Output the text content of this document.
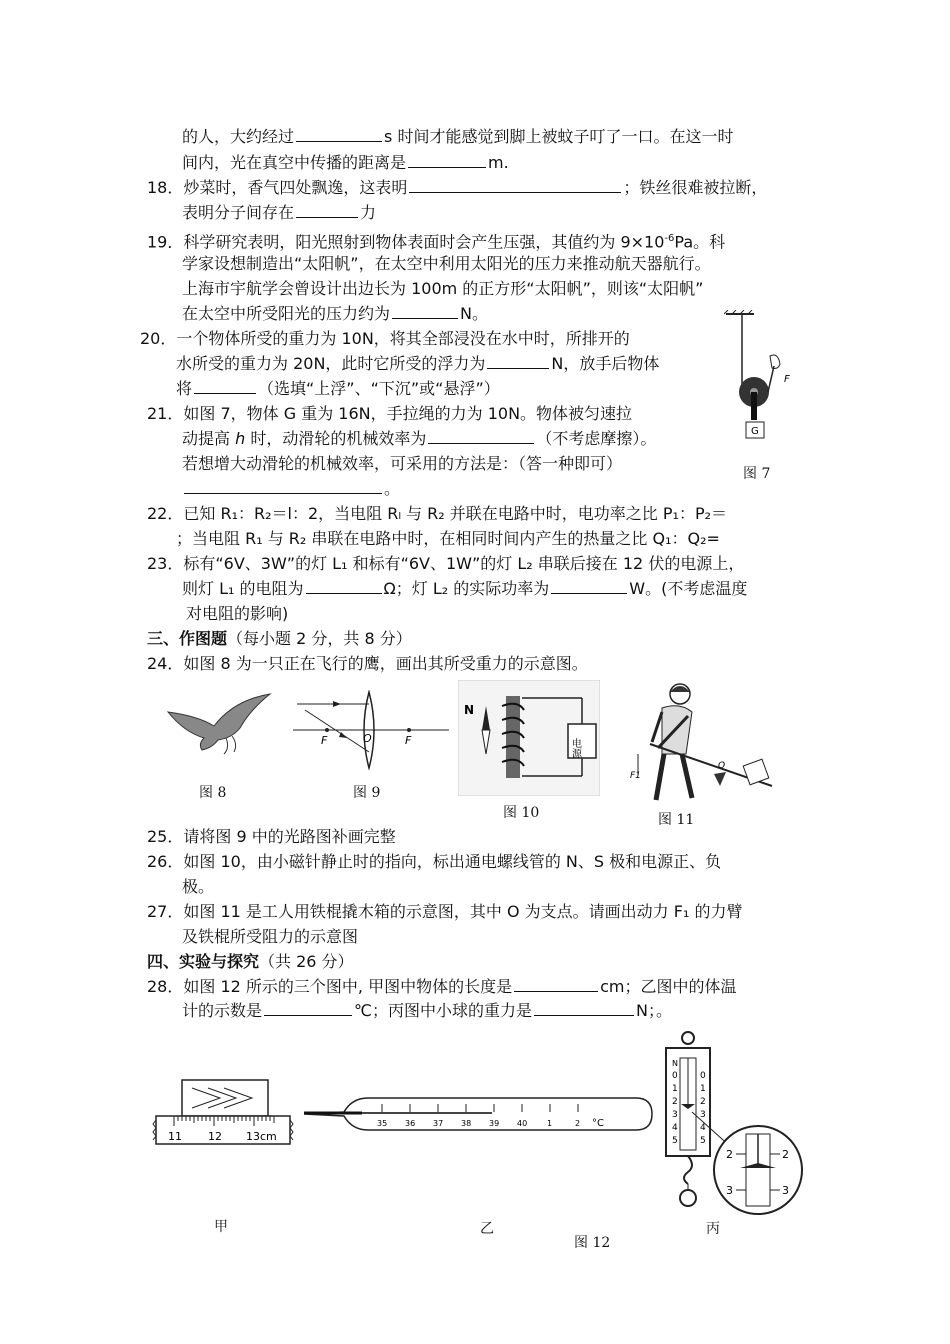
的人，大约经过	s 时间才能感觉到脚上被蚊子叮了一口。在这一时
间内，光在真空中传播的距离是	m.
18．炒菜时，香气四处飘逸，这表明	；铁丝很难被拉断，
表明分子间存在	力
19．科学研究表明，阳光照射到物体表面时会产生压强，其值约为 $9\times 10^{-6}Pa$。科
学家设想制造出“太阳帆”，在太空中利用太阳光的压力来推动航天器航行。
上海市宇航学会曾设计出边长为 100m 的正方形“太阳帆”，则该“太阳帆”
在太空中所受阳光的压力约为	N。
20．一个物体所受的重力为 10N，将其全部浸没在水中时，所排开的
水所受的重力为 20N，此时它所受的浮力为	N，放手后物体
将	（选填“上浮”、“下沉”或“悬浮”）
21．如图 7，物体 G 重为 16N，手拉绳的力为 10N。物体被匀速拉
动提高 h 时，动滑轮的机械效率为	（不考虑摩擦）。
若想增大动滑轮的机械效率，可采用的方法是：（答一种即可）
。
F
G
图 7
22．已知 R₁：R₂＝l：2，当电阻 Rₗ 与 R₂ 并联在电路中时，电功率之比 P₁：P₂＝
；当电阻 R₁ 与 R₂ 串联在电路中时，在相同时间内产生的热量之比 Q₁：Q₂=
23．标有“6V、3W”的灯 L₁ 和标有“6V、1W”的灯 L₂ 串联后接在 12 伏的电源上，
则灯 L₁ 的电阻为	Ω；灯 L₂ 的实际功率为	W。(不考虑温度
对电阻的影响)
三、作图题（每小题 2 分，共 8 分）
24．如图 8 为一只正在飞行的鹰，画出其所受重力的示意图。
图 8
F	O	F
图 9
N
电源
图 10
O
F1
图 11
25．请将图 9 中的光路图补画完整
26．如图 10，由小磁针静止时的指向，标出通电螺线管的 N、S 极和电源正、负
极。
27．如图 11 是工人用铁棍撬木箱的示意图，其中 O 为支点。请画出动力 F₁ 的力臂
及铁棍所受阻力的示意图
四、实验与探究（共 26 分）
28．如图 12 所示的三个图中, 甲图中物体的长度是	cm；乙图中的体温
计的示数是	℃；丙图中小球的重力是	N；。
11 12 13cm
甲
35 36 37 38 39 40 1	2 °C
乙
图 12
N
0
1
2
3
4
5
0
1
2
3
4
5
2	2
3	3
丙
